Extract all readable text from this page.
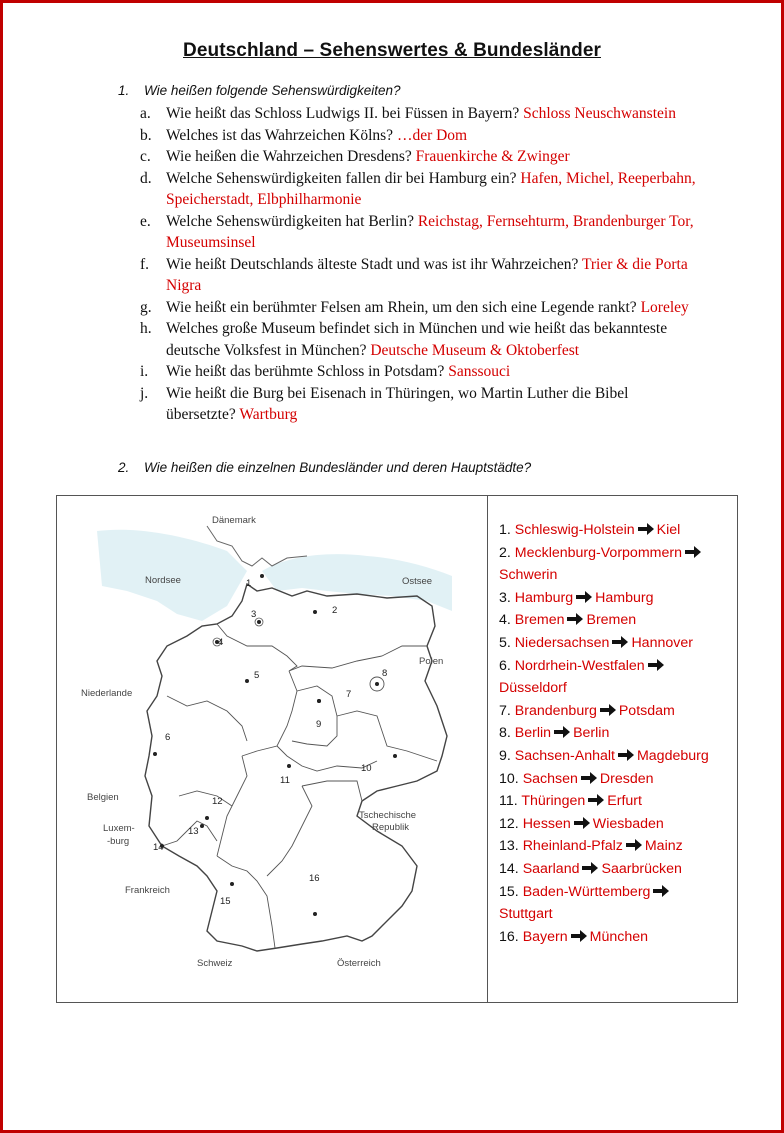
Deutschland – Sehenswertes & Bundesländer
1. Wie heißen folgende Sehenswürdigkeiten?
a. Wie heißt das Schloss Ludwigs II. bei Füssen in Bayern? Schloss Neuschwanstein
b. Welches ist das Wahrzeichen Kölns? …der Dom
c. Wie heißen die Wahrzeichen Dresdens? Frauenkirche & Zwinger
d. Welche Sehenswürdigkeiten fallen dir bei Hamburg ein? Hafen, Michel, Reeperbahn, Speicherstadt, Elbphilharmonie
e. Welche Sehenswürdigkeiten hat Berlin? Reichstag, Fernsehturm, Brandenburger Tor, Museumsinsel
f. Wie heißt Deutschlands älteste Stadt und was ist ihr Wahrzeichen? Trier & die Porta Nigra
g. Wie heißt ein berühmter Felsen am Rhein, um den sich eine Legende rankt? Loreley
h. Welches große Museum befindet sich in München und wie heißt das bekannteste deutsche Volksfest in München? Deutsche Museum & Oktoberfest
i. Wie heißt das berühmte Schloss in Potsdam? Sanssouci
j. Wie heißt die Burg bei Eisenach in Thüringen, wo Martin Luther die Bibel übersetzte? Wartburg
2. Wie heißen die einzelnen Bundesländer und deren Hauptstädte?
Dänemark
Nordsee	Ostsee
Polen
Niederlande
Belgien
Luxem-
-burg
Tschechische
Republik
Frankreich
Schweiz	Österreich
1
2
3
4
5
6
7
8
9
10
11
12
13
14
15
16
1. Schleswig-Holstein Kiel
2. Mecklenburg-Vorpommern
Schwerin
3. Hamburg Hamburg
4. Bremen Bremen
5. Niedersachsen Hannover
6. Nordrhein-Westfalen
Düsseldorf
7. Brandenburg Potsdam
8. Berlin Berlin
9. Sachsen-Anhalt Magdeburg
10. Sachsen Dresden
11. Thüringen Erfurt
12. Hessen Wiesbaden
13. Rheinland-Pfalz Mainz
14. Saarland Saarbrücken
15. Baden-Württemberg
Stuttgart
16. Bayern München
